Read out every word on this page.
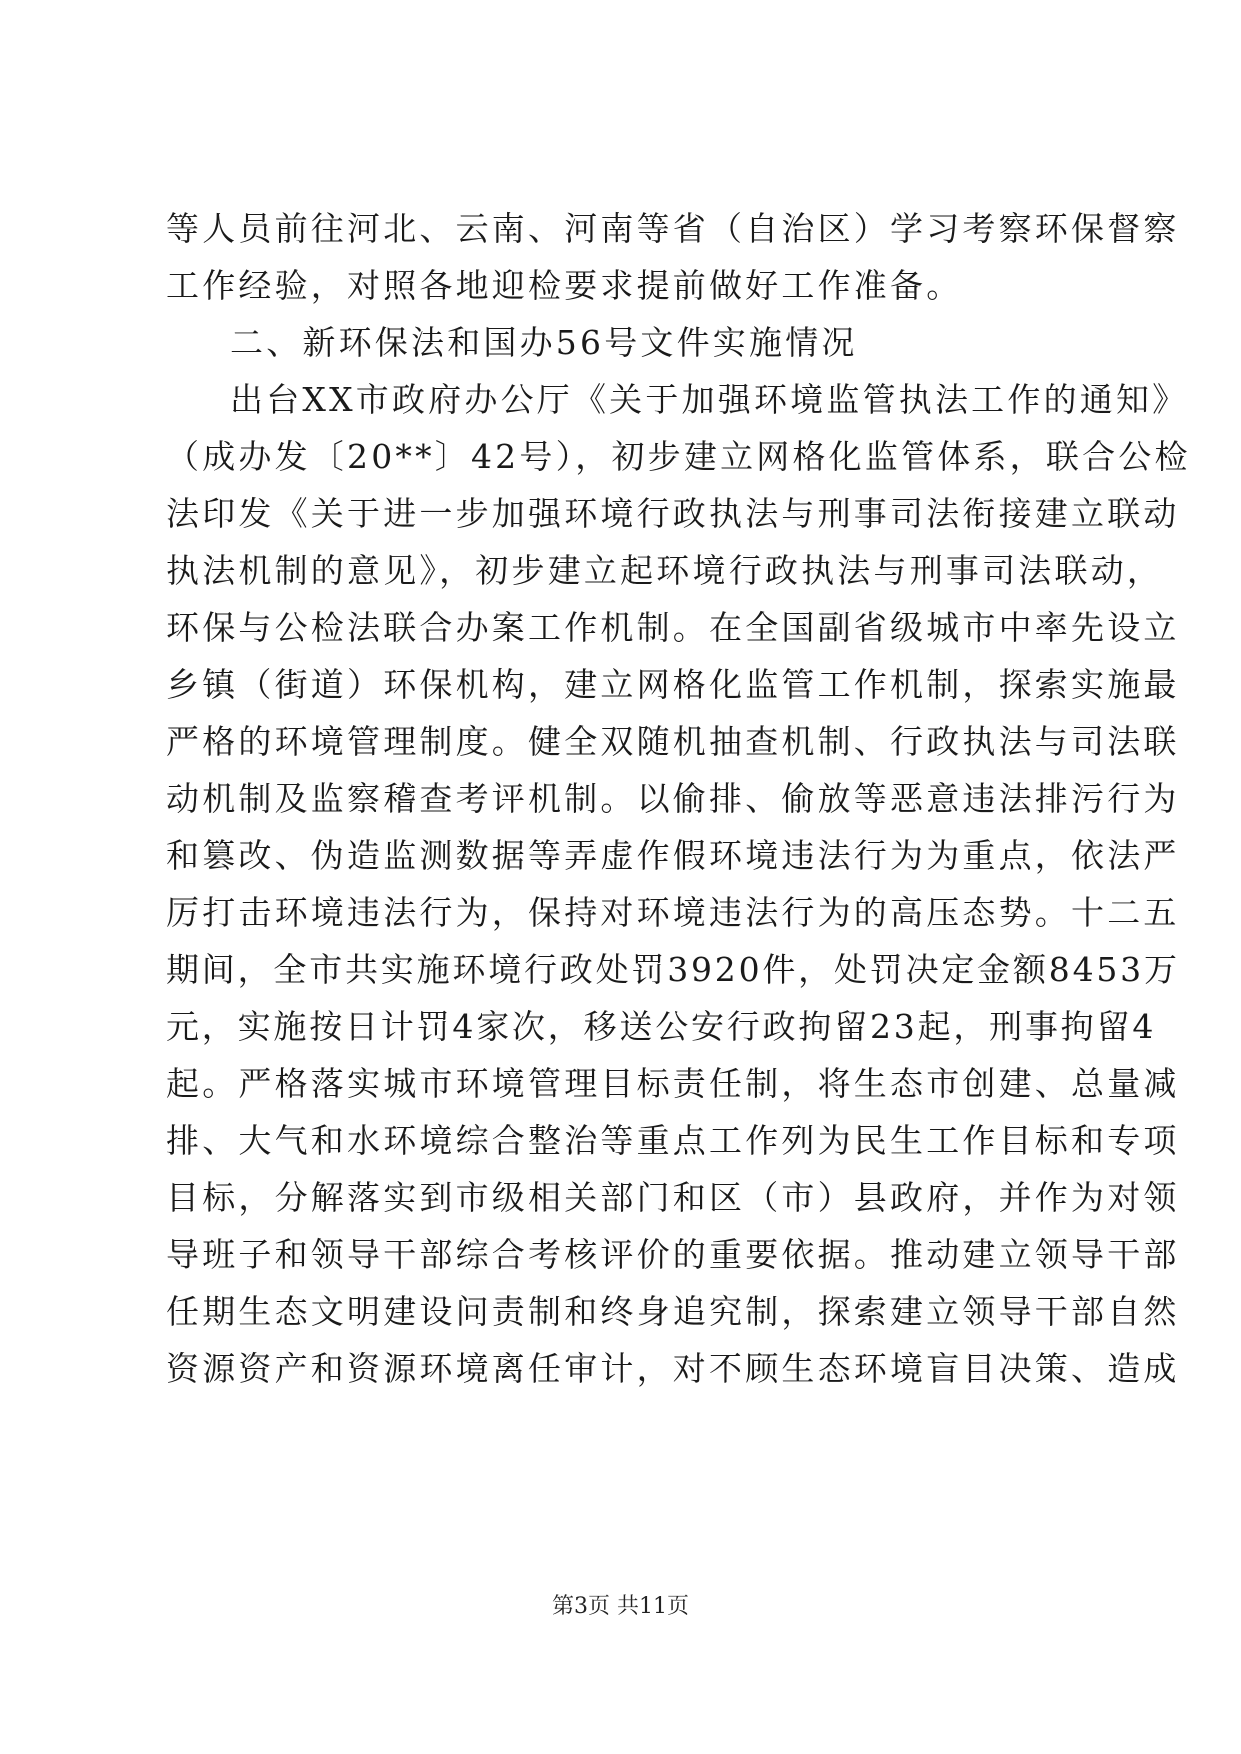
等人员前往河北、云南、河南等省（自治区）学习考察环保督察
工作经验，对照各地迎检要求提前做好工作准备。
二、新环保法和国办56号文件实施情况
出台XX市政府办公厅《关于加强环境监管执法工作的通知》
（成办发〔20**〕42号），初步建立网格化监管体系，联合公检
法印发《关于进一步加强环境行政执法与刑事司法衔接建立联动
执法机制的意见》，初步建立起环境行政执法与刑事司法联动，
环保与公检法联合办案工作机制。在全国副省级城市中率先设立
乡镇（街道）环保机构，建立网格化监管工作机制，探索实施最
严格的环境管理制度。健全双随机抽查机制、行政执法与司法联
动机制及监察稽查考评机制。以偷排、偷放等恶意违法排污行为
和篡改、伪造监测数据等弄虚作假环境违法行为为重点，依法严
厉打击环境违法行为，保持对环境违法行为的高压态势。十二五
期间，全市共实施环境行政处罚3920件，处罚决定金额8453万
元，实施按日计罚4家次，移送公安行政拘留23起，刑事拘留4
起。严格落实城市环境管理目标责任制，将生态市创建、总量减
排、大气和水环境综合整治等重点工作列为民生工作目标和专项
目标，分解落实到市级相关部门和区（市）县政府，并作为对领
导班子和领导干部综合考核评价的重要依据。推动建立领导干部
任期生态文明建设问责制和终身追究制，探索建立领导干部自然
资源资产和资源环境离任审计，对不顾生态环境盲目决策、造成
第3页 共11页
